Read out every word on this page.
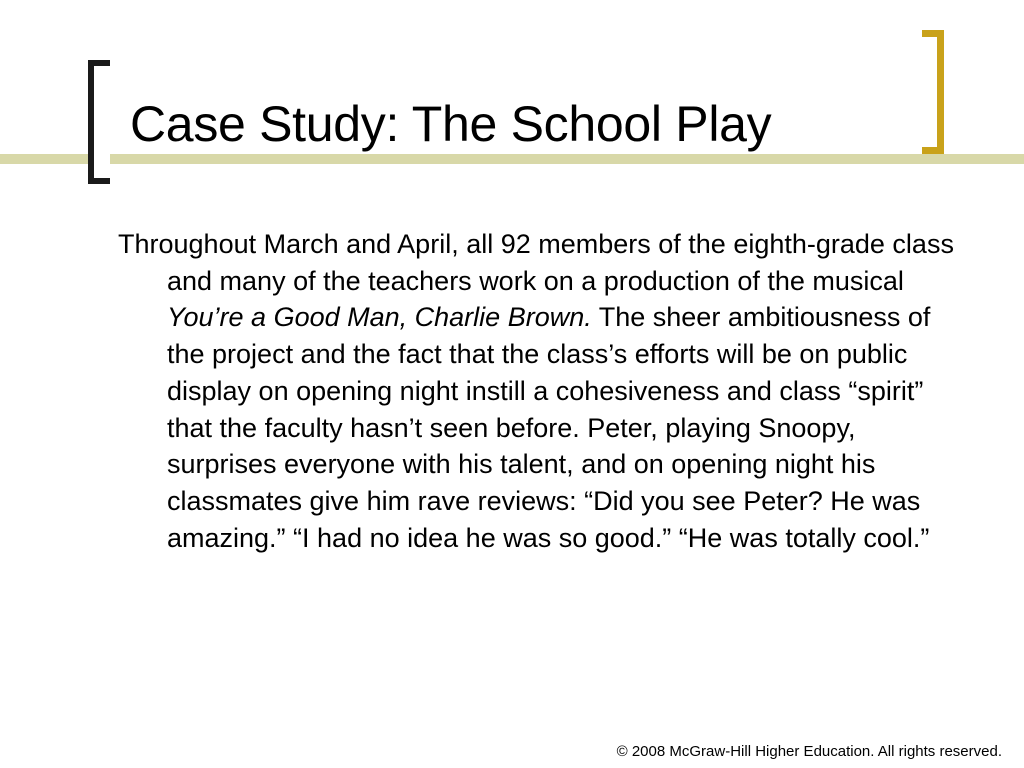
Case Study: The School Play

Throughout March and April, all 92 members of the eighth-grade class and many of the teachers work on a production of the musical You’re a Good Man, Charlie Brown. The sheer ambitiousness of the project and the fact that the class’s efforts will be on public display on opening night instill a cohesiveness and class “spirit” that the faculty hasn’t seen before. Peter, playing Snoopy, surprises everyone with his talent, and on opening night his classmates give him rave reviews: “Did you see Peter? He was amazing.” “I had no idea he was so good.” “He was totally cool.”

© 2008 McGraw-Hill Higher Education. All rights reserved.
